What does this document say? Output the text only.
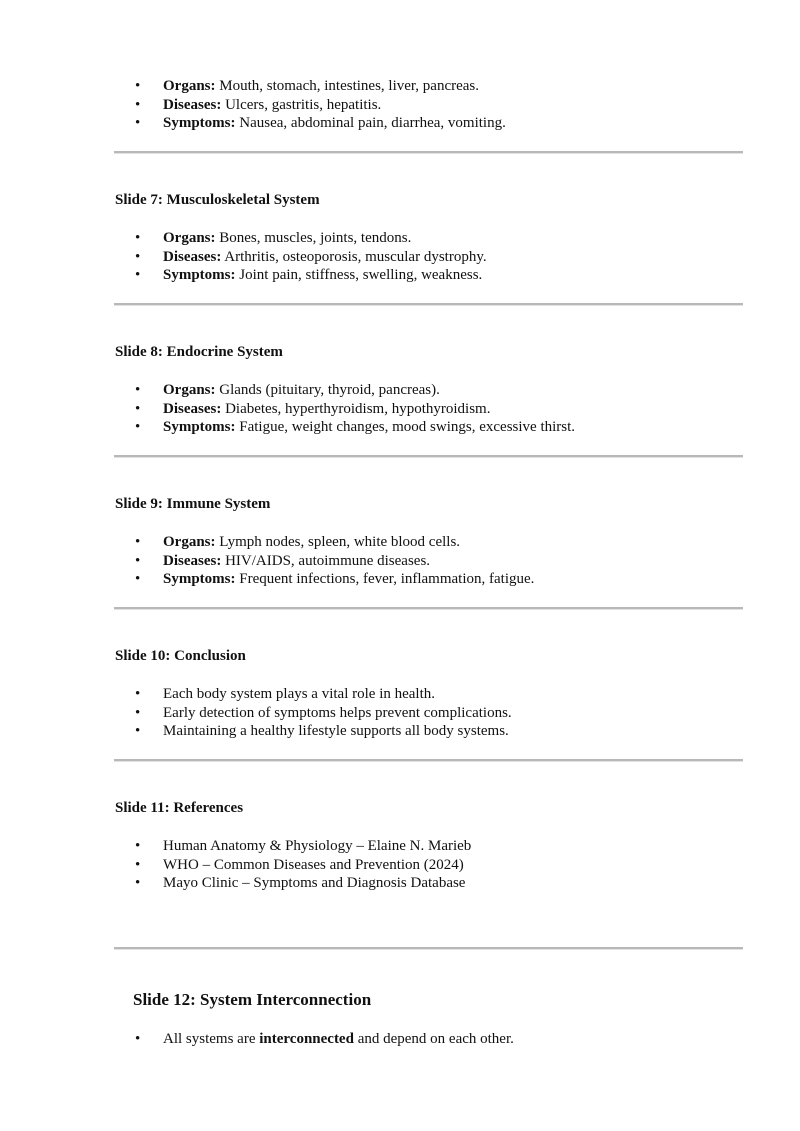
• Organs: Mouth, stomach, intestines, liver, pancreas.
• Diseases: Ulcers, gastritis, hepatitis.
• Symptoms: Nausea, abdominal pain, diarrhea, vomiting.
Slide 7: Musculoskeletal System
• Organs: Bones, muscles, joints, tendons.
• Diseases: Arthritis, osteoporosis, muscular dystrophy.
• Symptoms: Joint pain, stiffness, swelling, weakness.
Slide 8: Endocrine System
• Organs: Glands (pituitary, thyroid, pancreas).
• Diseases: Diabetes, hyperthyroidism, hypothyroidism.
• Symptoms: Fatigue, weight changes, mood swings, excessive thirst.
Slide 9: Immune System
• Organs: Lymph nodes, spleen, white blood cells.
• Diseases: HIV/AIDS, autoimmune diseases.
• Symptoms: Frequent infections, fever, inflammation, fatigue.
Slide 10: Conclusion
• Each body system plays a vital role in health.
• Early detection of symptoms helps prevent complications.
• Maintaining a healthy lifestyle supports all body systems.
Slide 11: References
• Human Anatomy & Physiology – Elaine N. Marieb
• WHO – Common Diseases and Prevention (2024)
• Mayo Clinic – Symptoms and Diagnosis Database
Slide 12: System Interconnection
• All systems are interconnected and depend on each other.
